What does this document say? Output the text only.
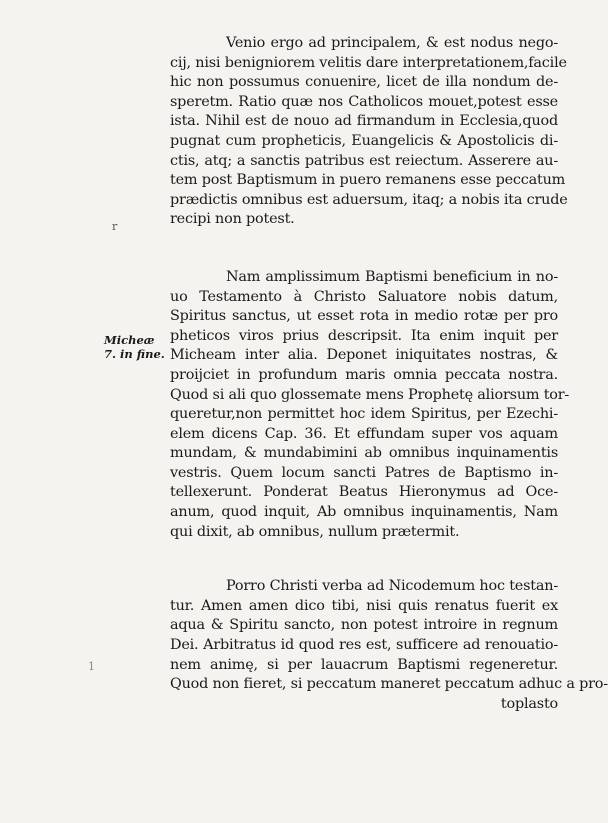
Venio ergo ad principalem, & est nodus nego-
cij, nisi benigniorem velitis dare interpretationem,facile
hic non possumus conuenire, licet de illa nondum de-
speretm. Ratio quæ nos Catholicos mouet,potest esse
ista. Nihil est de nouo ad firmandum in Ecclesia,quod
pugnat cum propheticis, Euangelicis & Apostolicis di-
ctis, atq; a sanctis patribus est reiectum. Asserere au-
tem post Baptismum in puero remanens esse peccatum
prædictis omnibus est aduersum, itaq; a nobis ita crude
recipi non potest.
Nam amplissimum Baptismi beneficium in no-
uo Testamento à Christo Saluatore nobis datum,
Spiritus sanctus, ut esset rota in medio rotæ per pro
pheticos viros prius descripsit. Ita enim inquit per
Micheam inter alia. Deponet iniquitates nostras, &
proijciet in profundum maris omnia peccata nostra.
Quod si ali quo glossemate mens Prophetę aliorsum tor-
queretur,non permittet hoc idem Spiritus, per Ezechi-
elem dicens Cap. 36. Et effundam super vos aquam
mundam, & mundabimini ab omnibus inquinamentis
vestris. Quem locum sancti Patres de Baptismo in-
tellexerunt. Ponderat Beatus Hieronymus ad Oce-
anum, quod inquit, Ab omnibus inquinamentis, Nam
qui dixit, ab omnibus, nullum prætermit.
Porro Christi verba ad Nicodemum hoc testan-
tur. Amen amen dico tibi, nisi quis renatus fuerit ex
aqua & Spiritu sancto, non potest introire in regnum
Dei. Arbitratus id quod res est, sufficere ad renouatio-
nem animę, si per lauacrum Baptismi regeneretur.
Quod non fieret, si peccatum maneret peccatum adhuc a pro-
toplasto
Micheæ
7. in fine.
r
1
